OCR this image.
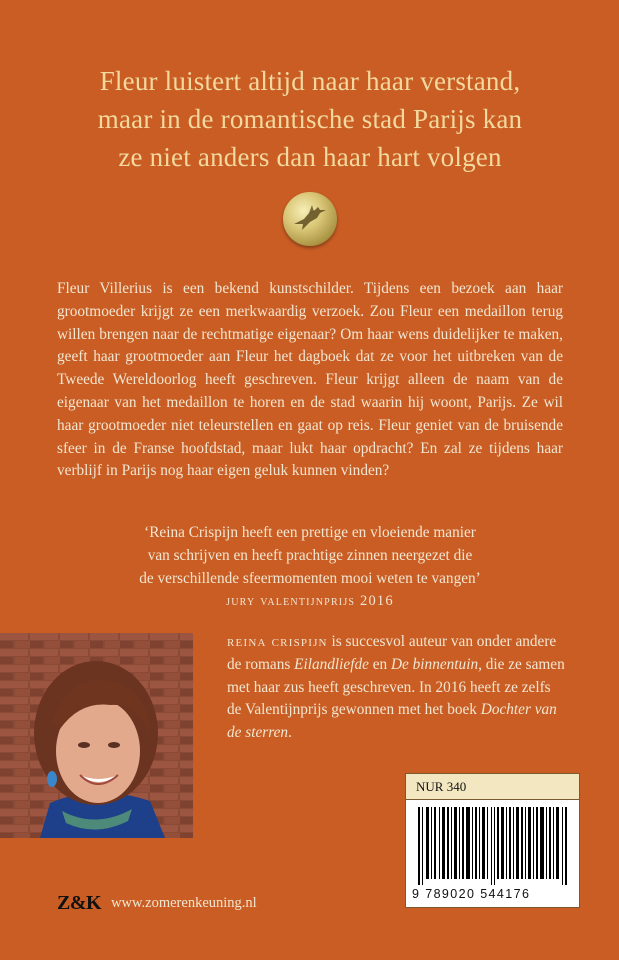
Fleur luistert altijd naar haar verstand,
maar in de romantische stad Parijs kan
ze niet anders dan haar hart volgen

Fleur Villerius is een bekend kunstschilder. Tijdens een bezoek aan haar grootmoeder krijgt ze een merkwaardig verzoek. Zou Fleur een medaillon terug willen brengen naar de rechtmatige eigenaar? Om haar wens duidelijker te maken, geeft haar grootmoeder aan Fleur het dagboek dat ze voor het uitbreken van de Tweede Wereldoorlog heeft geschreven. Fleur krijgt alleen de naam van de eigenaar van het medaillon te horen en de stad waarin hij woont, Parijs. Ze wil haar grootmoeder niet teleurstellen en gaat op reis. Fleur geniet van de bruisende sfeer in de Franse hoofdstad, maar lukt haar opdracht? En zal ze tijdens haar verblijf in Parijs nog haar eigen geluk kunnen vinden?

‘Reina Crispijn heeft een prettige en vloeiende manier
van schrijven en heeft prachtige zinnen neergezet die
de verschillende sfeermomenten mooi weten te vangen’
jury valentijnprijs 2016
reina crispijn is succesvol auteur van onder andere de romans Eilandliefde en De binnentuin, die ze samen met haar zus heeft geschreven. In 2016 heeft ze zelfs de Valentijnprijs gewonnen met het boek Dochter van de sterren.
NUR 340
9 789020 544176
Z&K www.zomerenkeuning.nl
